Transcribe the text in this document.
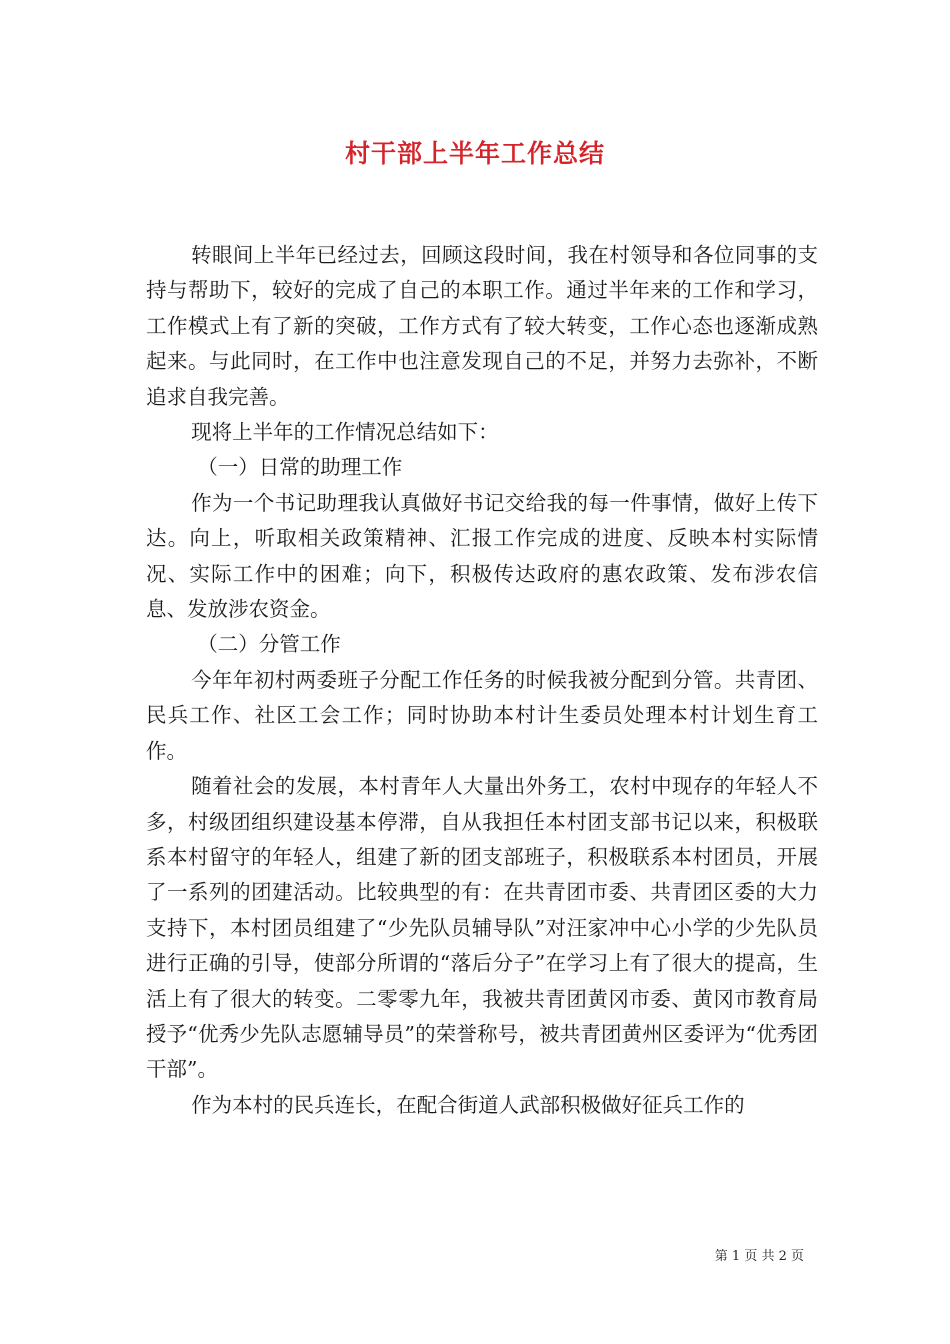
村干部上半年工作总结

转眼间上半年已经过去，回顾这段时间，我在村领导和各位同事的支持与帮助下，较好的完成了自己的本职工作。通过半年来的工作和学习，工作模式上有了新的突破，工作方式有了较大转变，工作心态也逐渐成熟起来。与此同时，在工作中也注意发现自己的不足，并努力去弥补，不断追求自我完善。

现将上半年的工作情况总结如下：

（一）日常的助理工作

作为一个书记助理我认真做好书记交给我的每一件事情，做好上传下达。向上，听取相关政策精神、汇报工作完成的进度、反映本村实际情况、实际工作中的困难；向下，积极传达政府的惠农政策、发布涉农信息、发放涉农资金。

（二）分管工作

今年年初村两委班子分配工作任务的时候我被分配到分管。共青团、民兵工作、社区工会工作；同时协助本村计生委员处理本村计划生育工作。

随着社会的发展，本村青年人大量出外务工，农村中现存的年轻人不多，村级团组织建设基本停滞，自从我担任本村团支部书记以来，积极联系本村留守的年轻人，组建了新的团支部班子，积极联系本村团员，开展了一系列的团建活动。比较典型的有：在共青团市委、共青团区委的大力支持下，本村团员组建了“少先队员辅导队”对汪家冲中心小学的少先队员进行正确的引导，使部分所谓的“落后分子”在学习上有了很大的提高，生活上有了很大的转变。二零零九年，我被共青团黄冈市委、黄冈市教育局授予“优秀少先队志愿辅导员”的荣誉称号，被共青团黄州区委评为“优秀团干部”。

作为本村的民兵连长，在配合街道人武部积极做好征兵工作的

第 1 页 共 2 页
